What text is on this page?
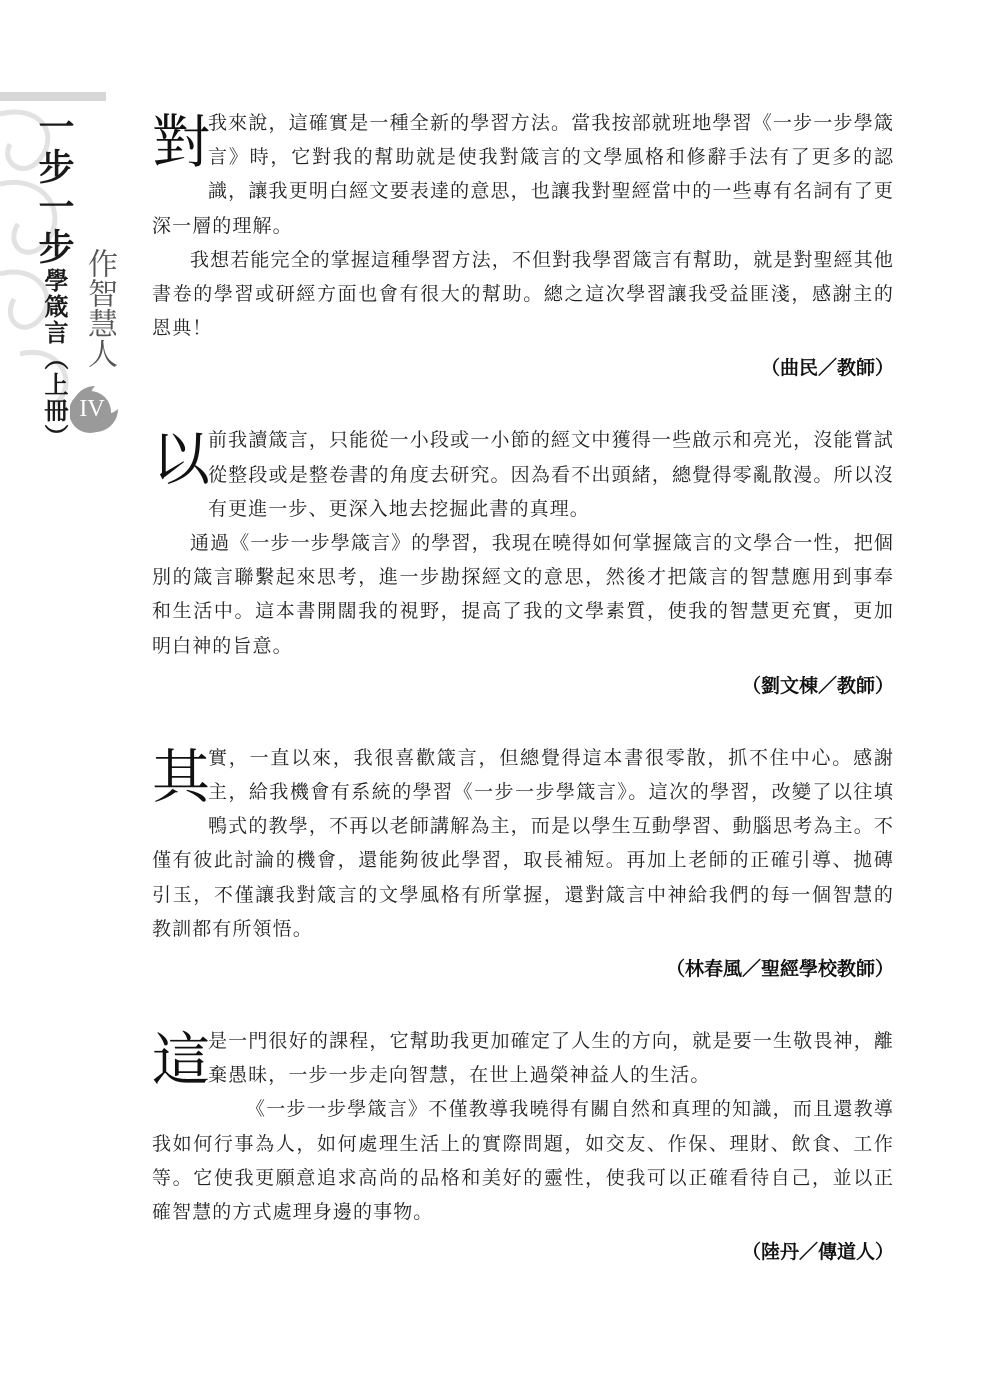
一步一步學箴言（上冊） 作智慧人
IV
對

我來說，這確實是一種全新的學習方法。當我按部就班地學習《一步一步學箴言》時，它對我的幫助就是使我對箴言的文學風格和修辭手法有了更多的認識，讓我更明白經文要表達的意思，也讓我對聖經當中的一些專有名詞有了更深一層的理解。

我想若能完全的掌握這種學習方法，不但對我學習箴言有幫助，就是對聖經其他書卷的學習或研經方面也會有很大的幫助。總之這次學習讓我受益匪淺，感謝主的恩典！

（曲民／教師）
以

前我讀箴言，只能從一小段或一小節的經文中獲得一些啟示和亮光，沒能嘗試從整段或是整卷書的角度去研究。因為看不出頭緒，總覺得零亂散漫。所以沒有更進一步、更深入地去挖掘此書的真理。

通過《一步一步學箴言》的學習，我現在曉得如何掌握箴言的文學合一性，把個別的箴言聯繫起來思考，進一步勘探經文的意思，然後才把箴言的智慧應用到事奉和生活中。這本書開闊我的視野，提高了我的文學素質，使我的智慧更充實，更加明白神的旨意。

（劉文棟／教師）
其

實，一直以來，我很喜歡箴言，但總覺得這本書很零散，抓不住中心。感謝主，給我機會有系統的學習《一步一步學箴言》。這次的學習，改變了以往填鴨式的教學，不再以老師講解為主，而是以學生互動學習、動腦思考為主。不僅有彼此討論的機會，還能夠彼此學習，取長補短。再加上老師的正確引導、拋磚引玉，不僅讓我對箴言的文學風格有所掌握，還對箴言中神給我們的每一個智慧的教訓都有所領悟。

（林春風／聖經學校教師）
這

是一門很好的課程，它幫助我更加確定了人生的方向，就是要一生敬畏神，離棄愚昧，一步一步走向智慧，在世上過榮神益人的生活。

《一步一步學箴言》不僅教導我曉得有關自然和真理的知識，而且還教導我如何行事為人，如何處理生活上的實際問題，如交友、作保、理財、飲食、工作等。它使我更願意追求高尚的品格和美好的靈性，使我可以正確看待自己，並以正確智慧的方式處理身邊的事物。

（陸丹／傳道人）
